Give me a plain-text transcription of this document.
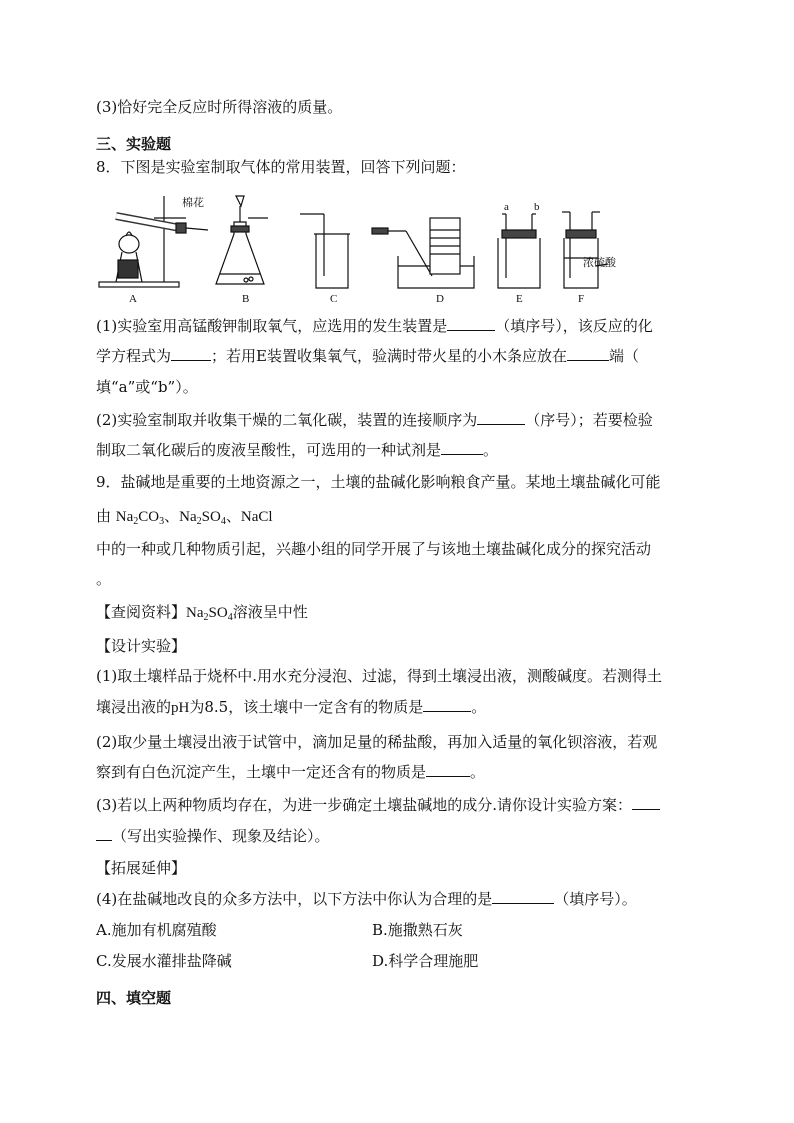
(3)恰好完全反应时所得溶液的质量。
三、实验题
8．下图是实验室制取气体的常用装置，回答下列问题：
棉花	a b
浓硫酸
A	B	C	D	E	F
(1)实验室用高锰酸钾制取氧气，应选用的发生装置是	（填序号），该反应的化
学方程式为	；若用E装置收集氧气，验满时带火星的小木条应放在	端（
填“a”或“b”）。
(2)实验室制取并收集干燥的二氧化碳，装置的连接顺序为	（序号）；若要检验
制取二氧化碳后的废液呈酸性，可选用的一种试剂是	。
9．盐碱地是重要的土地资源之一，土壤的盐碱化影响粮食产量。某地土壤盐碱化可能
由 $Na_2CO_3$、$Na_2SO_4$、NaCl
中的一种或几种物质引起，兴趣小组的同学开展了与该地土壤盐碱化成分的探究活动
。
【查阅资料】$Na_2SO_4$溶液呈中性
【设计实验】
(1)取土壤样品于烧杯中.用水充分浸泡、过滤，得到土壤浸出液，测酸碱度。若测得土
壤浸出液的pH为8.5，该土壤中一定含有的物质是	。
(2)取少量土壤浸出液于试管中，滴加足量的稀盐酸，再加入适量的氧化钡溶液，若观
察到有白色沉淀产生，土壤中一定还含有的物质是	。
(3)若以上两种物质均存在，为进一步确定土壤盐碱地的成分.请你设计实验方案：
（写出实验操作、现象及结论）。
【拓展延伸】
(4)在盐碱地改良的众多方法中，以下方法中你认为合理的是	（填序号）。
A.施加有机腐殖酸	B.施撒熟石灰
C.发展水灌排盐降碱	D.科学合理施肥
四、填空题
